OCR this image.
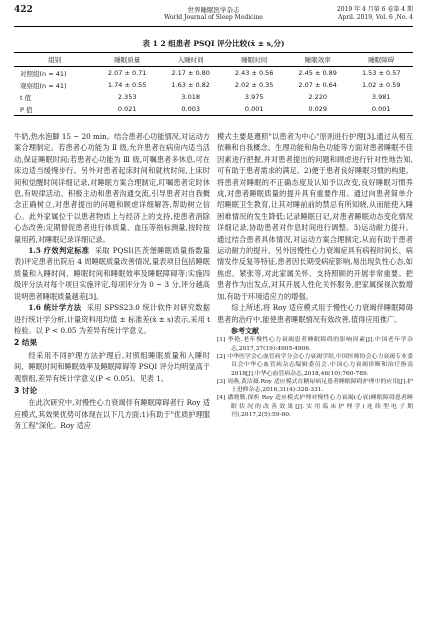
422	世界睡眠医学杂志
World Journal of Sleep Medicine
2019 年 4 月第 6 卷第 4 期
April. 2019, Vol. 6 ,No. 4
表 1 2 组患者 PSQI 评分比较(x̄ ± s,分)
组别	睡眠质量	入睡时间	睡眠时间	睡眠效率	睡眠障碍
对照组(n = 41)	2.07 ± 0.71	2.17 ± 0.80	2.43 ± 0.56	2.45 ± 0.89	1.53 ± 0.57
观察组(n = 41)	1.74 ± 0.55	1.63 ± 0.82	2.02 ± 0.35	2.07 ± 0.64	1.02 ± 0.59
t 值	2.353	3.018	3.975	2.220	3.981
P 值	0.021	0.003	0.001	0.029	0.001

牛奶,热水泡脚 15 ~ 20 min。结合患者心功能情况,对运动方案合理制定。若患者心功能为 Ⅱ 级,允许患者在病房内适当活动,保证睡眠时间;若患者心功能为 Ⅲ 级,可嘱患者多休息,可在床边适当缓慢步行。另外对患者起床时间和就枕时间,上床时间和觉醒时间详细记录,对睡眠方案合理制定,叮嘱患者定时休息,有规律活动。积极主动和患者沟通交流,引导患者对自我概念正确树立,对患者提出的问题和顾虑详细解答,帮助树立信心。此外家属位于以患者物质上与经济上的支持,使患者消除心态改善;定期督促患者进行体质量、血压等指标测量,按时按量用药,对睡眠记录详细记录。

1.5 疗效判定标准 采取 PQSI(匹茨堡睡眠质量指数量表)评定患者出院后 4 周睡眠质量改善情况,量表项目包括睡眠质量和入睡时间、睡眠时间和睡眠效率及睡眠障碍等;实施四级评分法对每个项目实施评定,每项评分为 0 ~ 3 分,评分越高说明患者睡眠质量越差[3]。

1.6 统计学方法 采用 SPSS23.0 统计软件对研究数据进行统计学分析,计量资料用均值 ± 标准差(x̄ ± s)表示,采用 t 检验。以 P < 0.05 为差异有统计学意义。

2 结果

经采用不同护理方法护理后,对照组睡眠质量和入睡时间、睡眠时间和睡眠效率及睡眠障碍等 PSQI 评分均明显高于观察组,差异有统计学意义(P < 0.05)。见表 1。

3 讨论

在此次研究中,对慢性心力衰竭伴有睡眠障碍者行 Roy 适应模式,其效果优势可体现在以下几方面:1)有助于"优质护理服务工程"深化。Roy 适应

模式主要是遵照"以患者为中心"原则进行护理[3],通过从相互依赖和自我概念、生理功能和角色功能等方面对患者睡眠不佳因素进行把握,并对患者提出的问题和顾虑进行针对性地告知,可有助于患者需求的满足。2)便于患者良好睡眠习惯的构建。将患者对睡眠的不正确态度及认知予以改变,良好睡眠习惯养成,对患者睡眠质量的提升具有重要作用。通过向患者简单介绍睡眠卫生教育,让其对睡前前的禁忌有所知晓,从而能使入睡困难情况的发生降低;记录睡眠日记,对患者睡眠动态变化情况详细记录,协助患者对作息时间进行调整。3)运动耐力提升。通过结合患者具体情况,对运动方案合理制定,从而有助于患者运动耐力的提升。另外因慢性心力衰竭症具有病程时间长、病情发作反复等特征,患者因长期受病症影响,易出现负性心态,如焦虑、紧张等,对此家属关怀、支持照顾的开展非常重要。把患者作为出发点,对其开展人性化关怀服务,把家属探视次数增加,有助于环境适应力的增强。

综上所述,将 Roy 适应模式用于慢性心力衰竭伴睡眠障碍患者的治疗中,能使患者睡眠情况有效改善,值得应用推广。

参考文献

[1] 李艳.老年慢性心力衰竭患者睡眠障碍的影响因素[J].中国老年学杂志,2017,37(19):4905-4906.

[2] 中华医学会心血管病学分会心力衰竭学组,中国医师协会心力衰竭专业委员会中华心血管病杂志编辑委员会.中国心力衰竭诊断和治疗指南 2018[J].中华心血管病杂志,2018,46(10):760-789.

[3] 周燕,黄洁薇.Roy 适应模式在糖尿病足患者睡眠障碍护理中的应用[J].护士进修杂志,2016,31(4):328-331.

[4] 潘晓勤.探析 Roy 适应模式护理对慢性心力衰竭(心衰)睡眠障碍患者睡眠状况的改善效果[J].实用临床护理学(连续型电子期刊),2017,2(5):59-60.
